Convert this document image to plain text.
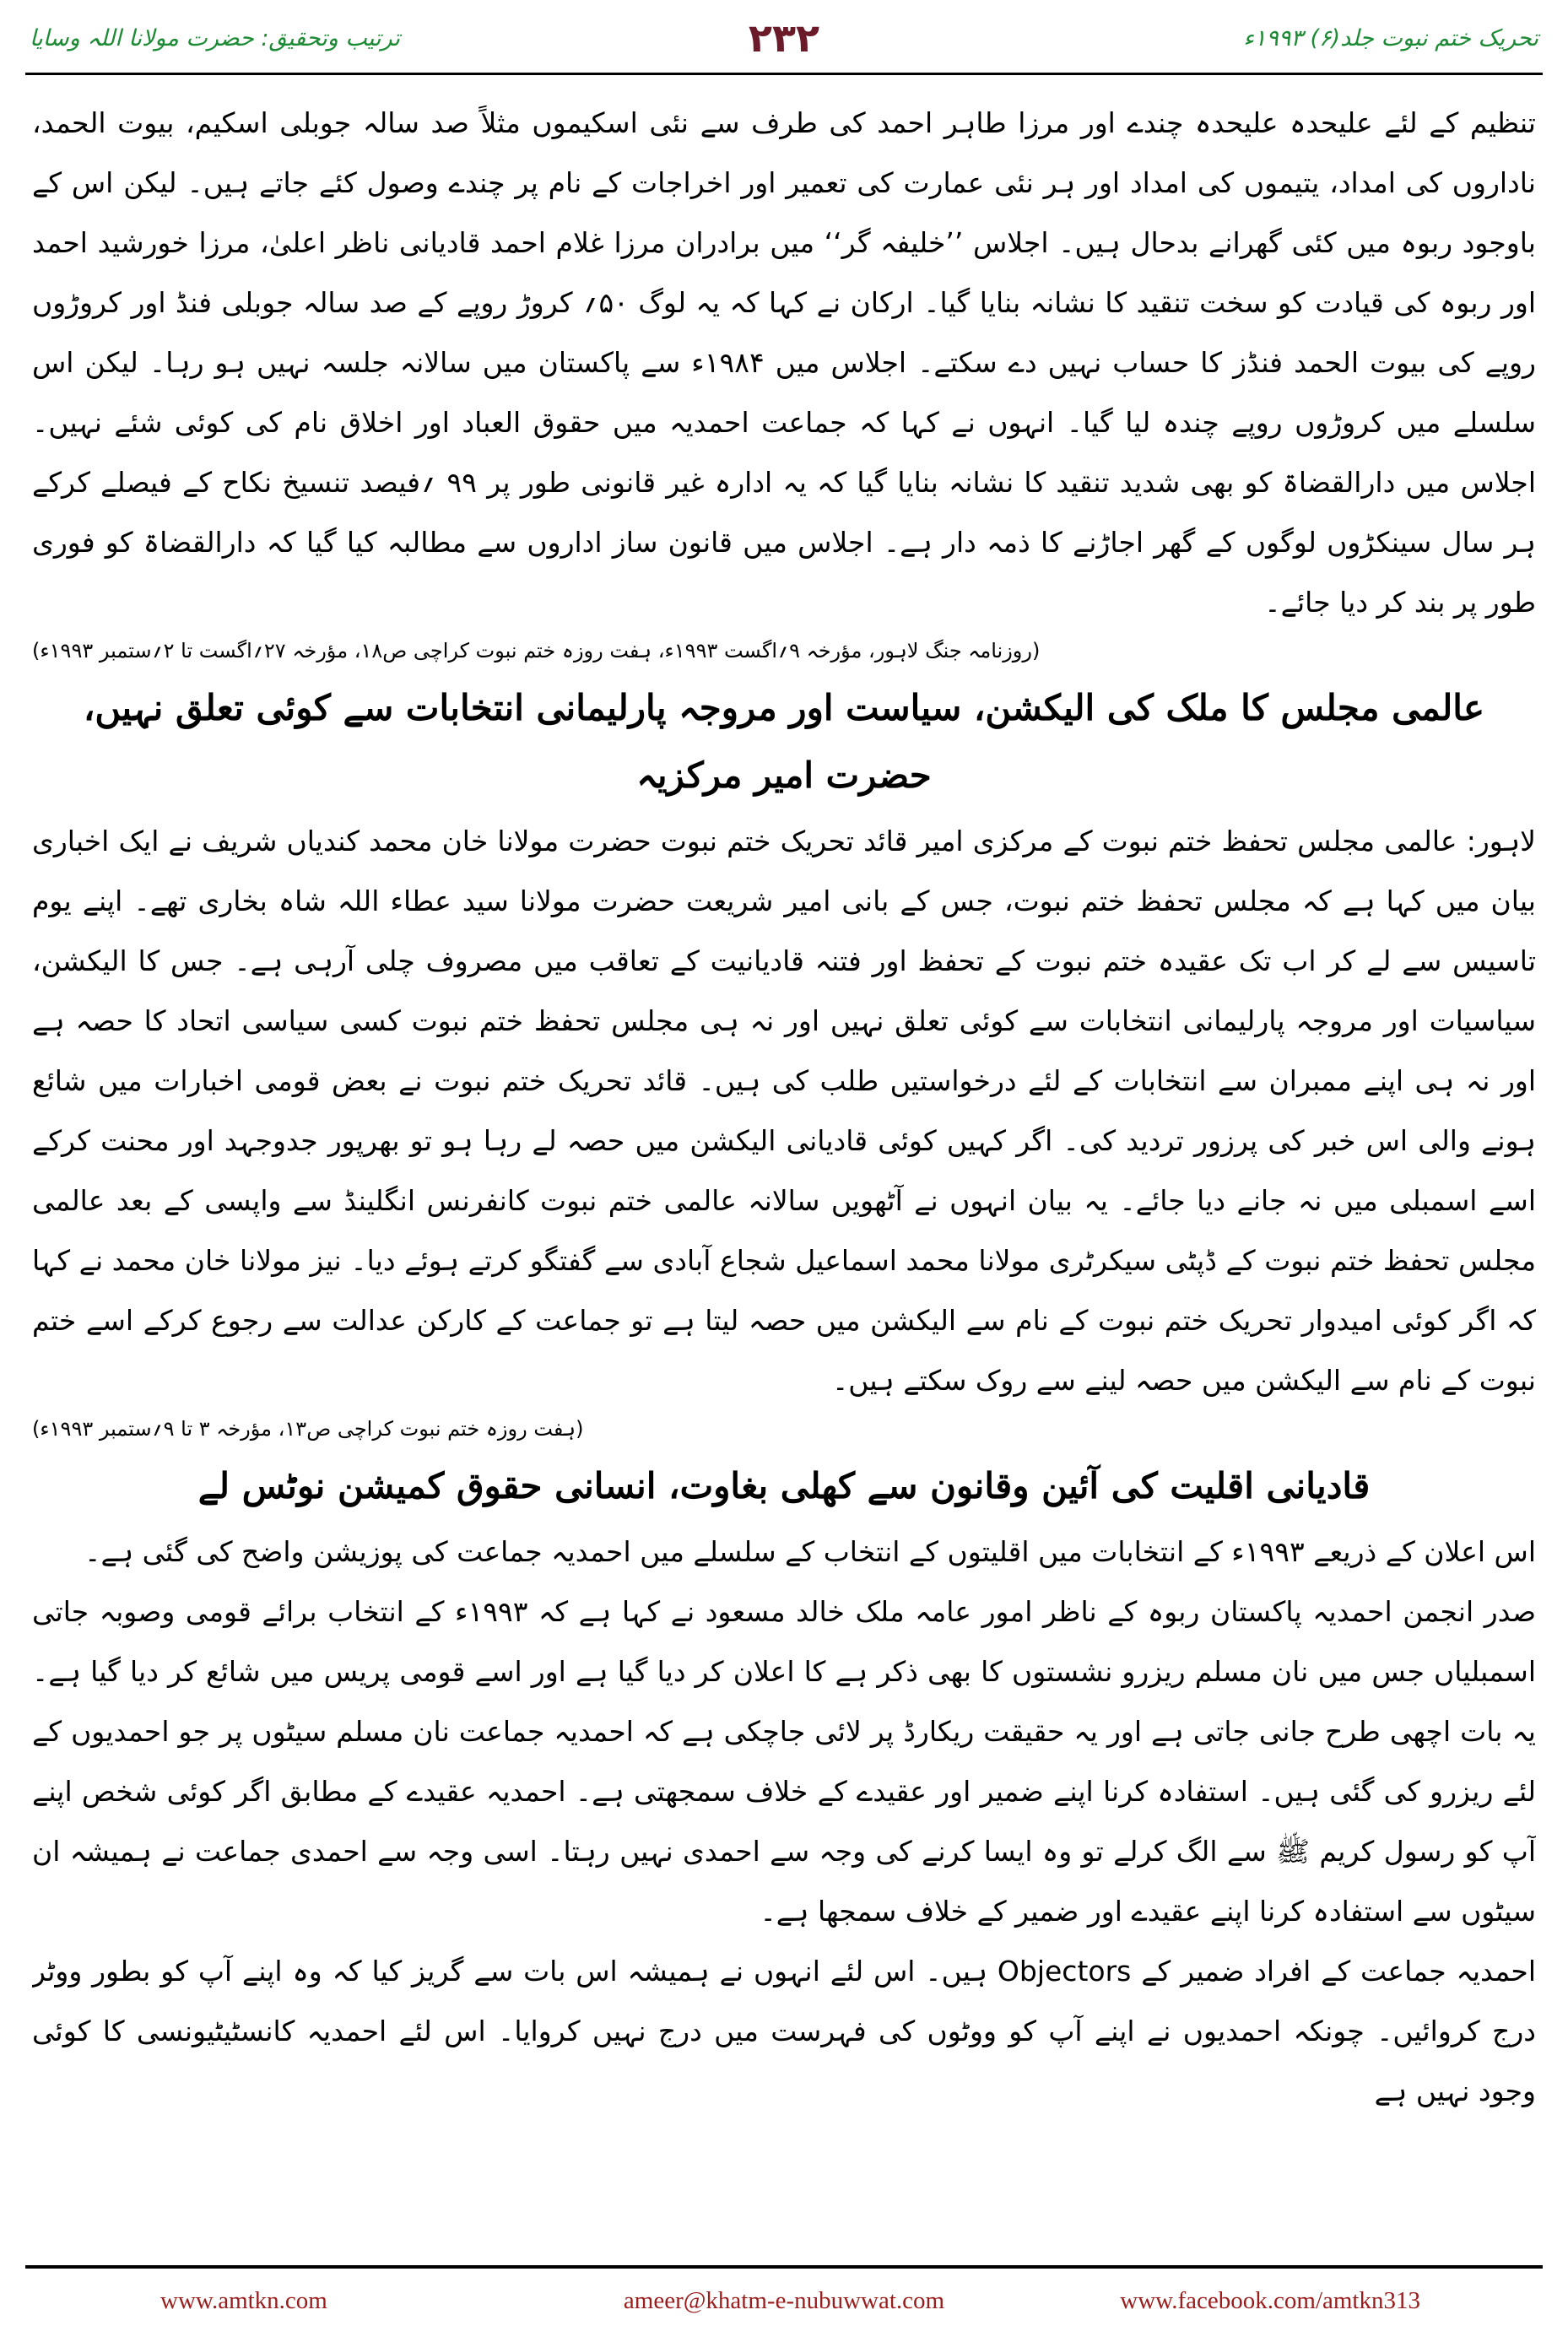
ترتیب وتحقیق: حضرت مولانا اللہ وسایا	۲۳۲	تحریک ختم نبوت جلد(۶) ۱۹۹۳ء

تنظیم کے لئے علیحدہ علیحدہ چندے اور مرزا طاہر احمد کی طرف سے نئی اسکیموں مثلاً صد سالہ جوبلی اسکیم، بیوت الحمد، ناداروں کی امداد، یتیموں کی امداد اور ہر نئی عمارت کی تعمیر اور اخراجات کے نام پر چندے وصول کئے جاتے ہیں۔ لیکن اس کے باوجود ربوہ میں کئی گھرانے بدحال ہیں۔ اجلاس ’’خلیفہ گر‘‘ میں برادران مرزا غلام احمد قادیانی ناظر اعلیٰ، مرزا خورشید احمد اور ربوہ کی قیادت کو سخت تنقید کا نشانہ بنایا گیا۔ ارکان نے کہا کہ یہ لوگ ۵۰؍ کروڑ روپے کے صد سالہ جوبلی فنڈ اور کروڑوں روپے کی بیوت الحمد فنڈز کا حساب نہیں دے سکتے۔ اجلاس میں ۱۹۸۴ء سے پاکستان میں سالانہ جلسہ نہیں ہو رہا۔ لیکن اس سلسلے میں کروڑوں روپے چندہ لیا گیا۔ انہوں نے کہا کہ جماعت احمدیہ میں حقوق العباد اور اخلاق نام کی کوئی شئے نہیں۔ اجلاس میں دارالقضاۃ کو بھی شدید تنقید کا نشانہ بنایا گیا کہ یہ ادارہ غیر قانونی طور پر ۹۹ ؍فیصد تنسیخ نکاح کے فیصلے کرکے ہر سال سینکڑوں لوگوں کے گھر اجاڑنے کا ذمہ دار ہے۔ اجلاس میں قانون ساز اداروں سے مطالبہ کیا گیا کہ دارالقضاۃ کو فوری طور پر بند کر دیا جائے۔

(روزنامہ جنگ لاہور، مؤرخہ ۹؍اگست ۱۹۹۳ء، ہفت روزہ ختم نبوت کراچی ص۱۸، مؤرخہ ۲۷؍اگست تا ۲؍ستمبر ۱۹۹۳ء)

عالمی مجلس کا ملک کی الیکشن، سیاست اور مروجہ پارلیمانی انتخابات سے کوئی تعلق نہیں، حضرت امیر مرکزیہ

لاہور: عالمی مجلس تحفظ ختم نبوت کے مرکزی امیر قائد تحریک ختم نبوت حضرت مولانا خان محمد کندیاں شریف نے ایک اخباری بیان میں کہا ہے کہ مجلس تحفظ ختم نبوت، جس کے بانی امیر شریعت حضرت مولانا سید عطاء اللہ شاہ بخاری تھے۔ اپنے یوم تاسیس سے لے کر اب تک عقیدہ ختم نبوت کے تحفظ اور فتنہ قادیانیت کے تعاقب میں مصروف چلی آرہی ہے۔ جس کا الیکشن، سیاسیات اور مروجہ پارلیمانی انتخابات سے کوئی تعلق نہیں اور نہ ہی مجلس تحفظ ختم نبوت کسی سیاسی اتحاد کا حصہ ہے اور نہ ہی اپنے ممبران سے انتخابات کے لئے درخواستیں طلب کی ہیں۔ قائد تحریک ختم نبوت نے بعض قومی اخبارات میں شائع ہونے والی اس خبر کی پرزور تردید کی۔ اگر کہیں کوئی قادیانی الیکشن میں حصہ لے رہا ہو تو بھرپور جدوجہد اور محنت کرکے اسے اسمبلی میں نہ جانے دیا جائے۔ یہ بیان انہوں نے آٹھویں سالانہ عالمی ختم نبوت کانفرنس انگلینڈ سے واپسی کے بعد عالمی مجلس تحفظ ختم نبوت کے ڈپٹی سیکرٹری مولانا محمد اسماعیل شجاع آبادی سے گفتگو کرتے ہوئے دیا۔ نیز مولانا خان محمد نے کہا کہ اگر کوئی امیدوار تحریک ختم نبوت کے نام سے الیکشن میں حصہ لیتا ہے تو جماعت کے کارکن عدالت سے رجوع کرکے اسے ختم نبوت کے نام سے الیکشن میں حصہ لینے سے روک سکتے ہیں۔

(ہفت روزہ ختم نبوت کراچی ص۱۳، مؤرخہ ۳ تا ۹؍ستمبر ۱۹۹۳ء)

قادیانی اقلیت کی آئین وقانون سے کھلی بغاوت، انسانی حقوق کمیشن نوٹس لے

اس اعلان کے ذریعے ۱۹۹۳ء کے انتخابات میں اقلیتوں کے انتخاب کے سلسلے میں احمدیہ جماعت کی پوزیشن واضح کی گئی ہے۔

صدر انجمن احمدیہ پاکستان ربوہ کے ناظر امور عامہ ملک خالد مسعود نے کہا ہے کہ ۱۹۹۳ء کے انتخاب برائے قومی وصوبہ جاتی اسمبلیاں جس میں نان مسلم ریزرو نشستوں کا بھی ذکر ہے کا اعلان کر دیا گیا ہے اور اسے قومی پریس میں شائع کر دیا گیا ہے۔ یہ بات اچھی طرح جانی جاتی ہے اور یہ حقیقت ریکارڈ پر لائی جاچکی ہے کہ احمدیہ جماعت نان مسلم سیٹوں پر جو احمدیوں کے لئے ریزرو کی گئی ہیں۔ استفادہ کرنا اپنے ضمیر اور عقیدے کے خلاف سمجھتی ہے۔ احمدیہ عقیدے کے مطابق اگر کوئی شخص اپنے آپ کو رسول کریم ﷺ سے الگ کرلے تو وہ ایسا کرنے کی وجہ سے احمدی نہیں رہتا۔ اسی وجہ سے احمدی جماعت نے ہمیشہ ان سیٹوں سے استفادہ کرنا اپنے عقیدے اور ضمیر کے خلاف سمجھا ہے۔

احمدیہ جماعت کے افراد ضمیر کے Objectors ہیں۔ اس لئے انہوں نے ہمیشہ اس بات سے گریز کیا کہ وہ اپنے آپ کو بطور ووٹر درج کروائیں۔ چونکہ احمدیوں نے اپنے آپ کو ووٹوں کی فہرست میں درج نہیں کروایا۔ اس لئے احمدیہ کانسٹیٹیونسی کا کوئی وجود نہیں ہے

www.amtkn.com	ameer@khatm-e-nubuwwat.com	www.facebook.com/amtkn313
